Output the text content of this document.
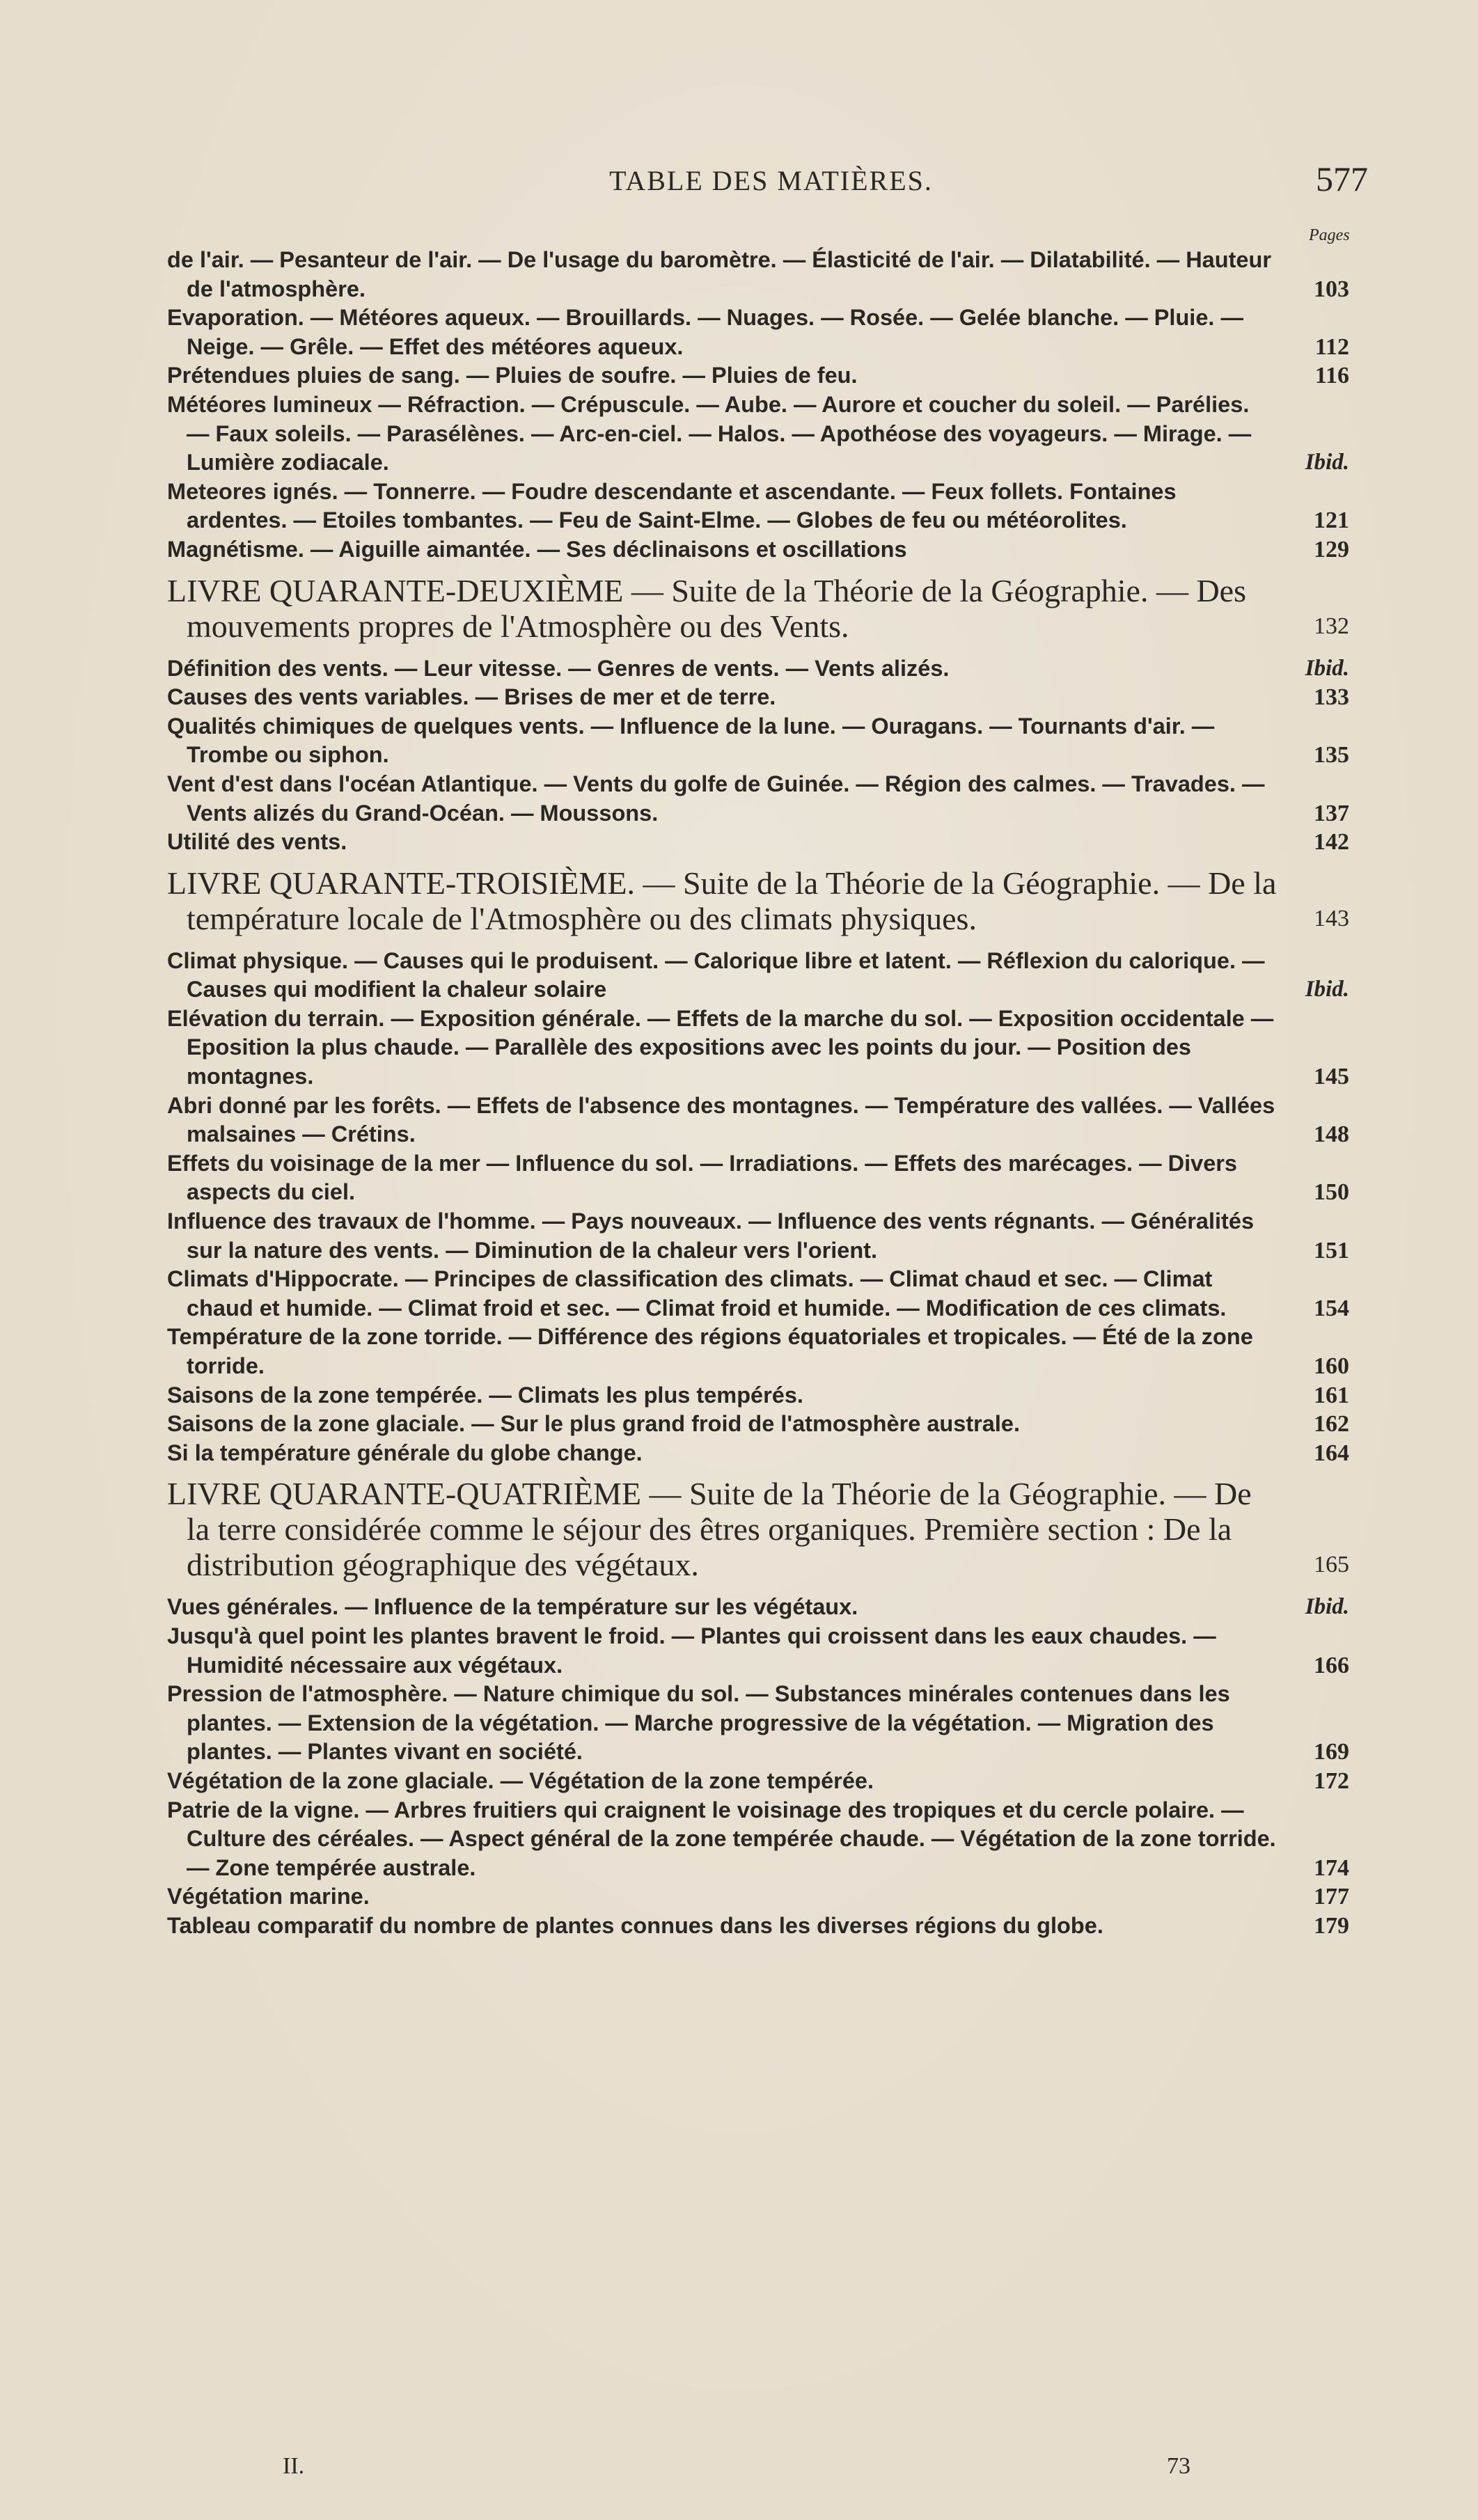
TABLE DES MATIÈRES.	577
Pages
de l'air. — Pesanteur de l'air. — De l'usage du baromètre. — Élasticité de l'air. — Dilatabilité. — Hauteur de l'atmosphère.	103
Evaporation. — Météores aqueux. — Brouillards. — Nuages. — Rosée. — Gelée blanche. — Pluie. — Neige. — Grêle. — Effet des météores aqueux.	112
Prétendues pluies de sang. — Pluies de soufre. — Pluies de feu.	116
Météores lumineux — Réfraction. — Crépuscule. — Aube. — Aurore et coucher du soleil. — Parélies. — Faux soleils. — Parasélènes. — Arc-en-ciel. — Halos. — Apothéose des voyageurs. — Mirage. — Lumière zodiacale.	Ibid.
Meteores ignés. — Tonnerre. — Foudre descendante et ascendante. — Feux follets. Fontaines ardentes. — Etoiles tombantes. — Feu de Saint-Elme. — Globes de feu ou météorolites.	121
Magnétisme. — Aiguille aimantée. — Ses déclinaisons et oscillations	129
LIVRE QUARANTE-DEUXIÈME — Suite de la Théorie de la Géographie. — Des mouvements propres de l'Atmosphère ou des Vents.	132
Définition des vents. — Leur vitesse. — Genres de vents. — Vents alizés.	Ibid.
Causes des vents variables. — Brises de mer et de terre.	133
Qualités chimiques de quelques vents. — Influence de la lune. — Ouragans. — Tournants d'air. — Trombe ou siphon.	135
Vent d'est dans l'océan Atlantique. — Vents du golfe de Guinée. — Région des calmes. — Travades. — Vents alizés du Grand-Océan. — Moussons.	137
Utilité des vents.	142
LIVRE QUARANTE-TROISIÈME. — Suite de la Théorie de la Géographie. — De la température locale de l'Atmosphère ou des climats physiques.	143
Climat physique. — Causes qui le produisent. — Calorique libre et latent. — Réflexion du calorique. — Causes qui modifient la chaleur solaire	Ibid.
Elévation du terrain. — Exposition générale. — Effets de la marche du sol. — Exposition occidentale — Eposition la plus chaude. — Parallèle des expositions avec les points du jour. — Position des montagnes.	145
Abri donné par les forêts. — Effets de l'absence des montagnes. — Température des vallées. — Vallées malsaines — Crétins.	148
Effets du voisinage de la mer — Influence du sol. — Irradiations. — Effets des marécages. — Divers aspects du ciel.	150
Influence des travaux de l'homme. — Pays nouveaux. — Influence des vents régnants. — Généralités sur la nature des vents. — Diminution de la chaleur vers l'orient.	151
Climats d'Hippocrate. — Principes de classification des climats. — Climat chaud et sec. — Climat chaud et humide. — Climat froid et sec. — Climat froid et humide. — Modification de ces climats.	154
Température de la zone torride. — Différence des régions équatoriales et tropicales. — Été de la zone torride.	160
Saisons de la zone tempérée. — Climats les plus tempérés.	161
Saisons de la zone glaciale. — Sur le plus grand froid de l'atmosphère australe.	162
Si la température générale du globe change.	164
LIVRE QUARANTE-QUATRIÈME — Suite de la Théorie de la Géographie. — De la terre considérée comme le séjour des êtres organiques. Première section : De la distribution géographique des végétaux.	165
Vues générales. — Influence de la température sur les végétaux.	Ibid.
Jusqu'à quel point les plantes bravent le froid. — Plantes qui croissent dans les eaux chaudes. — Humidité nécessaire aux végétaux.	166
Pression de l'atmosphère. — Nature chimique du sol. — Substances minérales contenues dans les plantes. — Extension de la végétation. — Marche progressive de la végétation. — Migration des plantes. — Plantes vivant en société.	169
Végétation de la zone glaciale. — Végétation de la zone tempérée.	172
Patrie de la vigne. — Arbres fruitiers qui craignent le voisinage des tropiques et du cercle polaire. — Culture des céréales. — Aspect général de la zone tempérée chaude. — Végétation de la zone torride. — Zone tempérée australe.	174
Végétation marine.	177
Tableau comparatif du nombre de plantes connues dans les diverses régions du globe.	179
II.	73
